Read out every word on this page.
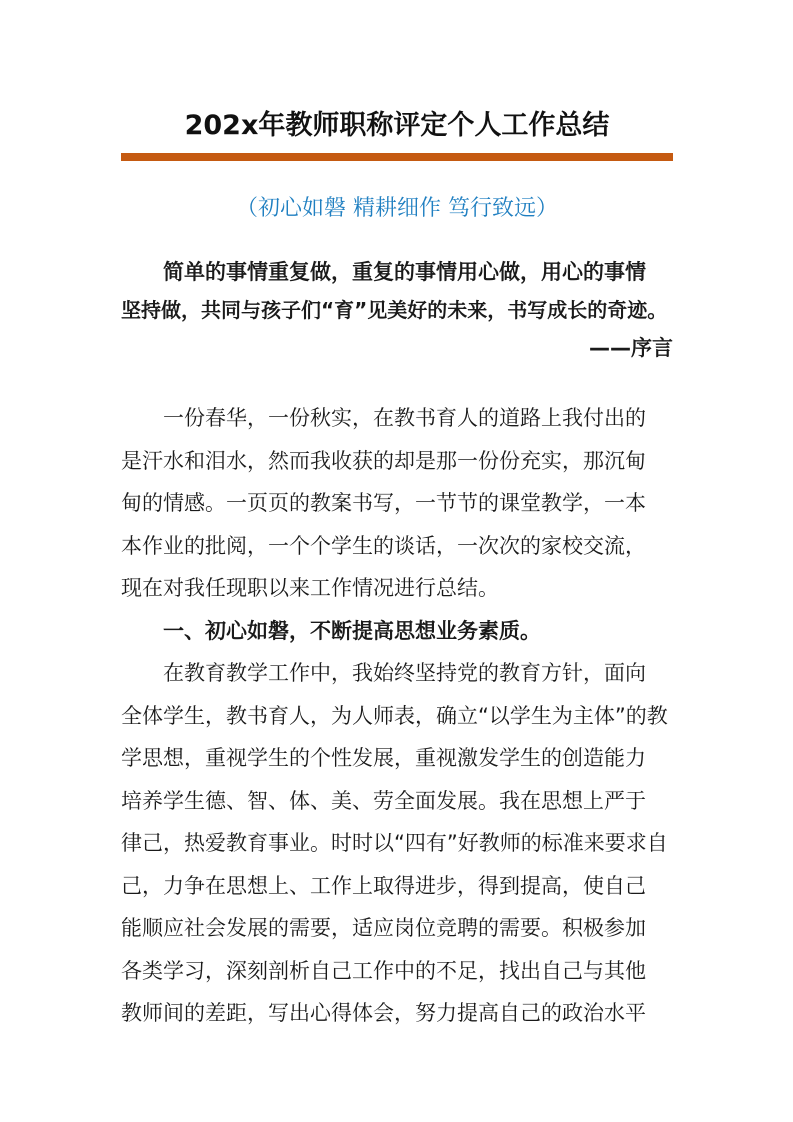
202x年教师职称评定个人工作总结
（初心如磐 精耕细作 笃行致远）
简单的事情重复做，重复的事情用心做，用心的事情
坚持做，共同与孩子们“育”见美好的未来，书写成长的奇迹。
——序言
一份春华，一份秋实，在教书育人的道路上我付出的
是汗水和泪水，然而我收获的却是那一份份充实，那沉甸
甸的情感。一页页的教案书写，一节节的课堂教学，一本
本作业的批阅，一个个学生的谈话，一次次的家校交流，
现在对我任现职以来工作情况进行总结。
一、初心如磐，不断提高思想业务素质。
在教育教学工作中，我始终坚持党的教育方针，面向
全体学生，教书育人，为人师表，确立“以学生为主体”的教
学思想，重视学生的个性发展，重视激发学生的创造能力
培养学生德、智、体、美、劳全面发展。我在思想上严于
律己，热爱教育事业。时时以“四有”好教师的标准来要求自
己，力争在思想上、工作上取得进步，得到提高，使自己
能顺应社会发展的需要，适应岗位竞聘的需要。积极参加
各类学习，深刻剖析自己工作中的不足，找出自己与其他
教师间的差距，写出心得体会，努力提高自己的政治水平
